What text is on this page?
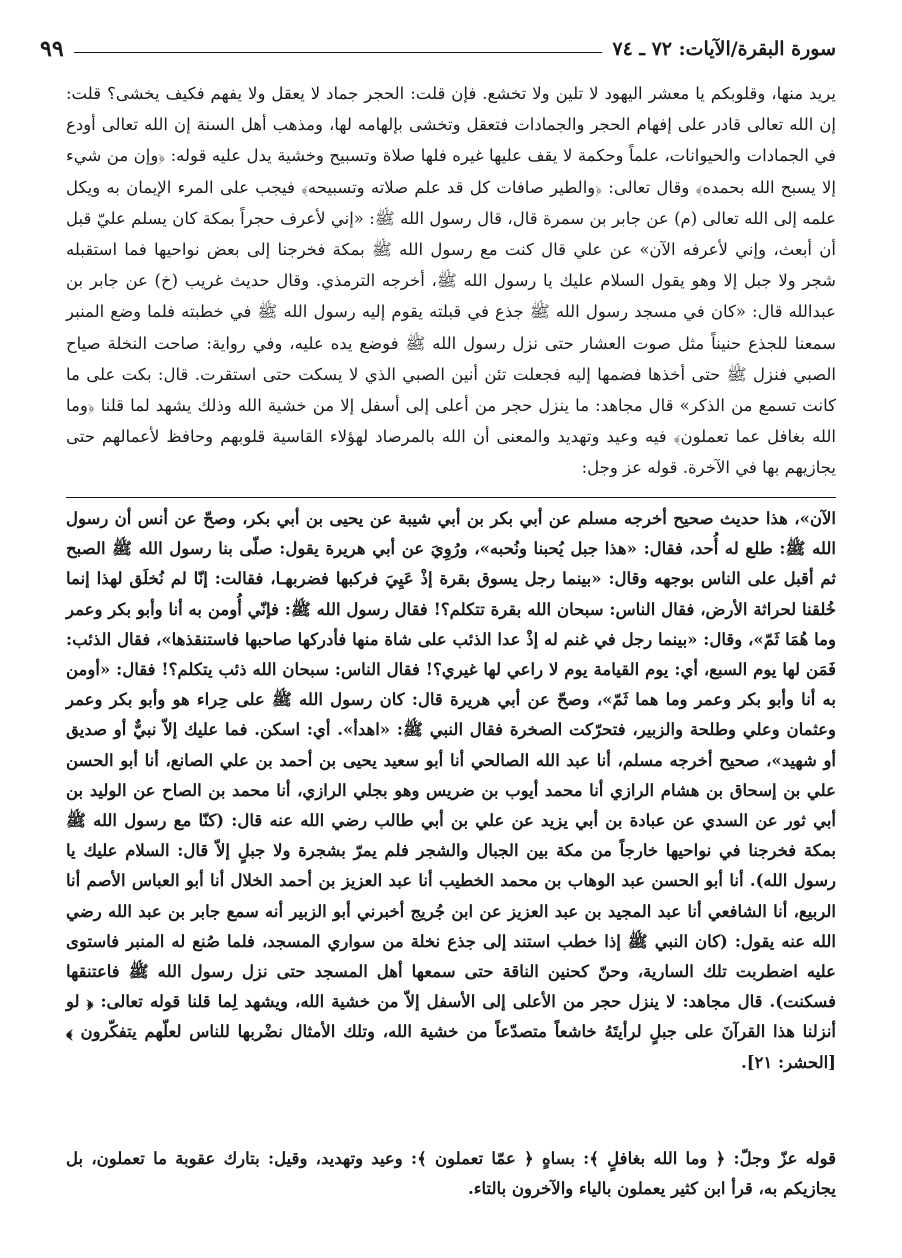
سورة البقرة/الآيات: ٧٢ ـ ٧٤
٩٩

يريد منها، وقلوبكم يا معشر اليهود لا تلين ولا تخشع. فإن قلت: الحجر جماد لا يعقل ولا يفهم فكيف يخشى؟ قلت: إن الله تعالى قادر على إفهام الحجر والجمادات فتعقل وتخشى بإلهامه لها، ومذهب أهل السنة إن الله تعالى أودع في الجمادات والحيوانات، علماً وحكمة لا يقف عليها غيره فلها صلاة وتسبيح وخشية يدل عليه قوله: ﴿وإن من شيء إلا يسبح الله بحمده﴾ وقال تعالى: ﴿والطير صافات كل قد علم صلاته وتسبيحه﴾ فيجب على المرء الإيمان به ويكل علمه إلى الله تعالى (م) عن جابر بن سمرة قال، قال رسول الله ﷺ: «إني لأعرف حجراً بمكة كان يسلم عليّ قبل أن أبعث، وإني لأعرفه الآن» عن علي قال كنت مع رسول الله ﷺ بمكة فخرجنا إلى بعض نواحيها فما استقبله شجر ولا جبل إلا وهو يقول السلام عليك يا رسول الله ﷺ، أخرجه الترمذي. وقال حديث غريب (خ) عن جابر بن عبدالله قال: «كان في مسجد رسول الله ﷺ جذع في قبلته يقوم إليه رسول الله ﷺ في خطبته فلما وضع المنبر سمعنا للجذع حنيناً مثل صوت العشار حتى نزل رسول الله ﷺ فوضع يده عليه، وفي رواية: صاحت النخلة صياح الصبي فنزل ﷺ حتى أخذها فضمها إليه فجعلت تئن أنين الصبي الذي لا يسكت حتى استقرت. قال: بكت على ما كانت تسمع من الذكر» قال مجاهد: ما ينزل حجر من أعلى إلى أسفل إلا من خشية الله وذلك يشهد لما قلنا ﴿وما الله بغافل عما تعملون﴾ فيه وعيد وتهديد والمعنى أن الله بالمرصاد لهؤلاء القاسية قلوبهم وحافظ لأعمالهم حتى يجازيهم بها في الآخرة. قوله عز وجل:

الآن»، هذا حديث صحيح أخرجه مسلم عن أبي بكر بن أبي شيبة عن يحيى بن أبي بكر، وصحّ عن أنس أن رسول الله ﷺ: طلع له أُحد، فقال: «هذا جبل يُحبنا ونُحبه»، ورُوِيَ عن أبي هريرة يقول: صلّى بنا رسول الله ﷺ الصبح ثم أقبل على الناس بوجهه وقال: «بينما رجل يسوق بقرة إذْ عَيِيَ فركبها فضربهـا، فقالت: إنّا لم نُخلَق لهذا إنما خُلقنا لحراثة الأرض، فقال الناس: سبحان الله بقرة تتكلم؟! فقال رسول الله ﷺ: فإنّي أُومن به أنا وأبو بكر وعمر وما هُمَا ثَمّ»، وقال: «بينما رجل في غنم له إذْ عدا الذئب على شاة منها فأدركها صاحبها فاستنقذها»، فقال الذئب: فَمَن لها يوم السبع، أي: يوم القيامة يوم لا راعي لها غيري؟! فقال الناس: سبحان الله ذئب يتكلم؟! فقال: «أومن به أنا وأبو بكر وعمر وما هما ثَمّ»، وصحّ عن أبي هريرة قال: كان رسول الله ﷺ على حِراء هو وأبو بكر وعمر وعثمان وعلي وطلحة والزبير، فتحرّكت الصخرة فقال النبي ﷺ: «اهدأ». أي: اسكن. فما عليك إلاّ نبيٌّ أو صديق أو شهيد»، صحيح أخرجه مسلم، أنا عبد الله الصالحي أنا أبو سعيد يحيى بن أحمد بن علي الصانع، أنا أبو الحسن علي بن إسحاق بن هشام الرازي أنا محمد أيوب بن ضريس وهو بجلي الرازي، أنا محمد بن الصاح عن الوليد بن أبي ثور عن السدي عن عبادة بن أبي يزيد عن علي بن أبي طالب رضي الله عنه قال: (كنّا مع رسول الله ﷺ بمكة فخرجنا في نواحيها خارجاً من مكة بين الجبال والشجر فلم يمرّ بشجرة ولا جبلٍ إلاّ قال: السلام عليك يا رسول الله). أنا أبو الحسن عبد الوهاب بن محمد الخطيب أنا عبد العزيز بن أحمد الخلال أنا أبو العباس الأصم أنا الربيع، أنا الشافعي أنا عبد المجيد بن عبد العزيز عن ابن جُريج أخبرني أبو الزبير أنه سمع جابر بن عبد الله رضي الله عنه يقول: (كان النبي ﷺ إذا خطب استند إلى جذع نخلة من سواري المسجد، فلما صُنع له المنبر فاستوى عليه اضطربت تلك السارية، وحنّ كحنين الناقة حتى سمعها أهل المسجد حتى نزل رسول الله ﷺ فاعتنقها فسكنت). قال مجاهد: لا ينزل حجر من الأعلى إلى الأسفل إلاّ من خشية الله، ويشهد لِما قلنا قوله تعالى: ﴿ لو أنزلنا هذا القرآنَ على جبلٍ لرأيتَهُ خاشعاً متصدّعاً من خشية الله، وتلك الأمثال نضْربها للناس لعلّهم يتفكّرون ﴾ [الحشر: ٢١].

قوله عزّ وجلّ: ﴿ وما الله بغافلٍ ﴾: بساهٍ ﴿ عمّا تعملون ﴾: وعيد وتهديد، وقيل: بتارك عقوبة ما تعملون، بل يجازيكم به، قرأ ابن كثير يعملون بالياء والآخرون بالتاء.
